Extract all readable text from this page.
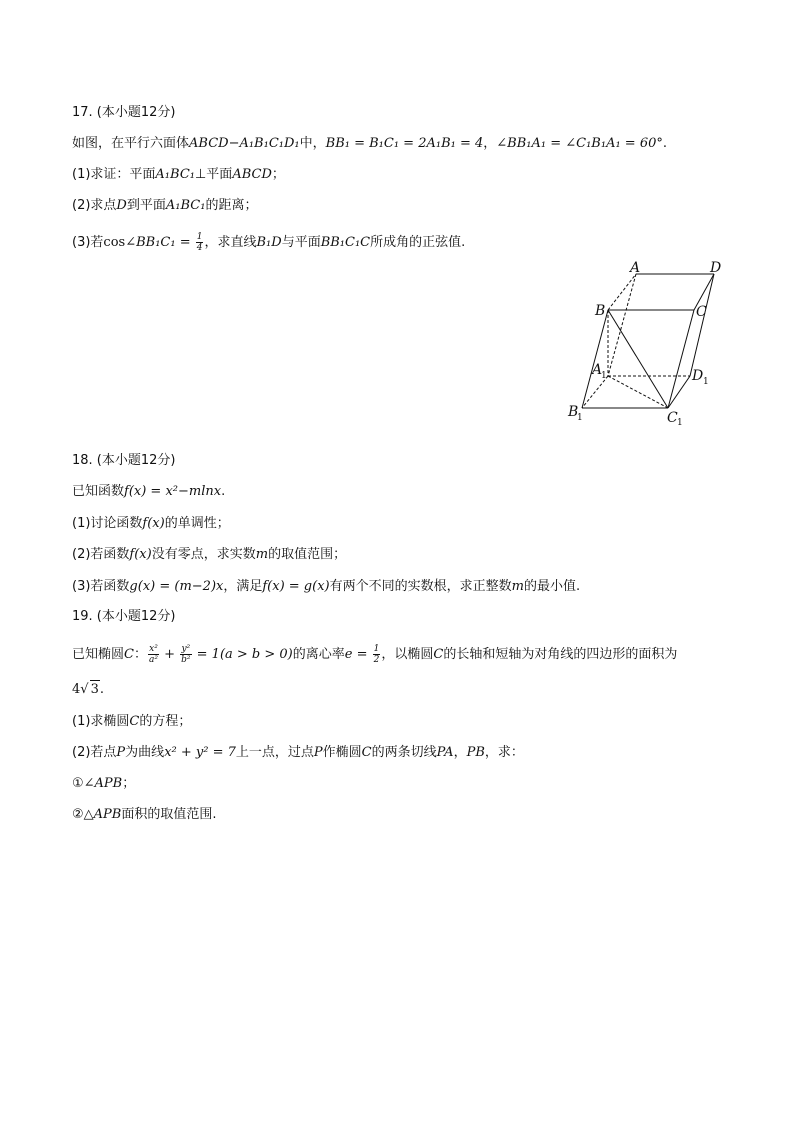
17. (本小题12分)
如图，在平行六面体ABCD−A₁B₁C₁D₁中，BB₁ = B₁C₁ = 2A₁B₁ = 4，∠BB₁A₁ = ∠C₁B₁A₁ = 60°.
(1)求证：平面A₁BC₁⊥平面ABCD；
(2)求点D到平面A₁BC₁的距离；
(3)若cos∠BB₁C₁ = $\frac{1}{4}$ ，求直线B₁D与平面BB₁C₁C所成角的正弦值.
A	D
B	C
A
1	D 1
B
1	C 1
18. (本小题12分)
已知函数f(x) = x²−mlnx.
(1)讨论函数f(x)的单调性；
(2)若函数f(x)没有零点，求实数m的取值范围；
(3)若函数g(x) = (m−2)x，满足f(x) = g(x)有两个不同的实数根，求正整数m的最小值.
19. (本小题12分)
已知椭圆C： $\frac{\text{x²}}{\text{a²}} + \frac{\text{y²}}{\text{b²}} = 1(a > b > 0)$的离心率$e = \frac{1}{2}$ ，以椭圆C的长轴和短轴为对角线的四边形的面积为
4√ 3.
(1)求椭圆C的方程；
(2)若点P为曲线x² + y² = 7上一点，过点P作椭圆C的两条切线PA，PB，求：
①∠APB；
②△APB面积的取值范围.
